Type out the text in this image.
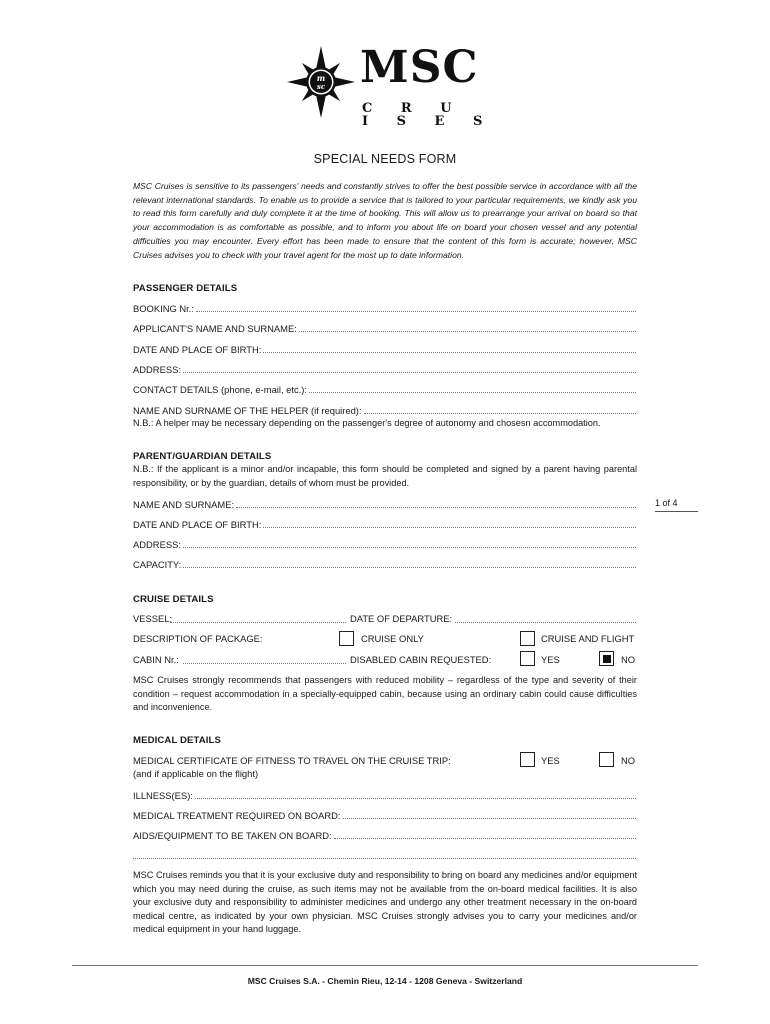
m
sc MSC
C R U I S E S
SPECIAL NEEDS FORM
MSC Cruises is sensitive to its passengers' needs and constantly strives to offer the best possible service in accordance with all the relevant international standards. To enable us to provide a service that is tailored to your particular requirements, we kindly ask you to read this form carefully and duly complete it at the time of booking. This will allow us to prearrange your arrival on board so that your accommodation is as comfortable as possible, and to inform you about life on board your chosen vessel and any potential difficulties you may encounter. Every effort has been made to ensure that the content of this form is accurate; however, MSC Cruises advises you to check with your travel agent for the most up to date information.
PASSENGER DETAILS
BOOKING Nr.:
APPLICANT'S NAME AND SURNAME:
DATE AND PLACE OF BIRTH:
ADDRESS:
CONTACT DETAILS (phone, e-mail, etc.):
NAME AND SURNAME OF THE HELPER (if required):
N.B.: A helper may be necessary depending on the passenger's degree of autonomy and chosesn accommodation.
PARENT/GUARDIAN DETAILS
N.B.: If the applicant is a minor and/or incapable, this form should be completed and signed by a parent having parental responsibility, or by the guardian, details of whom must be provided.
NAME AND SURNAME:
DATE AND PLACE OF BIRTH:
ADDRESS:
CAPACITY:
1 of 4
CRUISE DETAILS
VESSEL:	DATE OF DEPARTURE:
DESCRIPTION OF PACKAGE:	CRUISE ONLY	CRUISE AND FLIGHT
CABIN Nr.:	DISABLED CABIN REQUESTED:	YES	NO
MSC Cruises strongly recommends that passengers with reduced mobility – regardless of the type and severity of their condition – request accommodation in a specially-equipped cabin, because using an ordinary cabin could cause difficulties and inconvenience.
MEDICAL DETAILS
MEDICAL CERTIFICATE OF FITNESS TO TRAVEL ON THE CRUISE TRIP:
(and if applicable on the flight)
YES	NO
ILLNESS(ES):
MEDICAL TREATMENT REQUIRED ON BOARD:
AIDS/EQUIPMENT TO BE TAKEN ON BOARD:
MSC Cruises reminds you that it is your exclusive duty and responsibility to bring on board any medicines and/or equipment which you may need during the cruise, as such items may not be available from the on-board medical facilities. It is also your exclusive duty and responsibility to administer medicines and undergo any other treatment necessary in the on-board medical centre, as indicated by your own physician. MSC Cruises strongly advises you to carry your medicines and/or medical equipment in your hand luggage.
MSC Cruises S.A. - Chemin Rieu, 12-14 - 1208 Geneva - Switzerland
